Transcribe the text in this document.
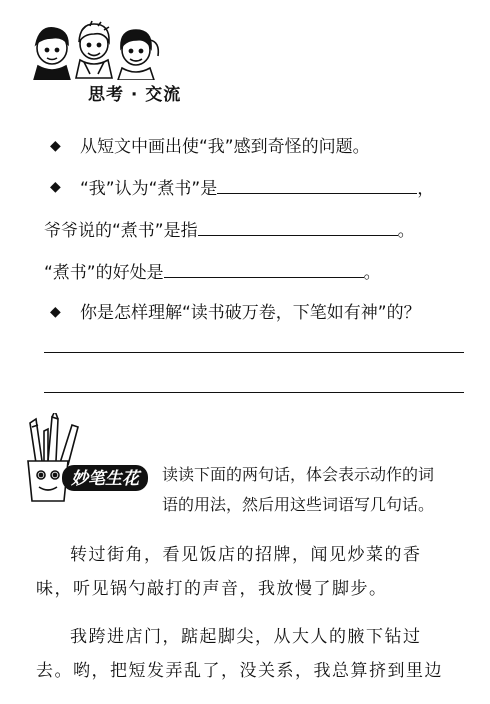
思考 · 交流
◆ 从短文中画出使“我”感到奇怪的问题。
◆ “我”认为“煮书”是	，
爷爷说的“煮书”是指	。
“煮书”的好处是	。
◆ 你是怎样理解“读书破万卷，下笔如有神”的？
妙笔生花 读读下面的两句话，体会表示动作的词
语的用法，然后用这些词语写几句话。
转过街角，看见饭店的招牌，闻见炒菜的香
味，听见锅勺敲打的声音，我放慢了脚步。
我跨进店门，踮起脚尖，从大人的腋下钻过
去。哟，把短发弄乱了，没关系，我总算挤到里边
